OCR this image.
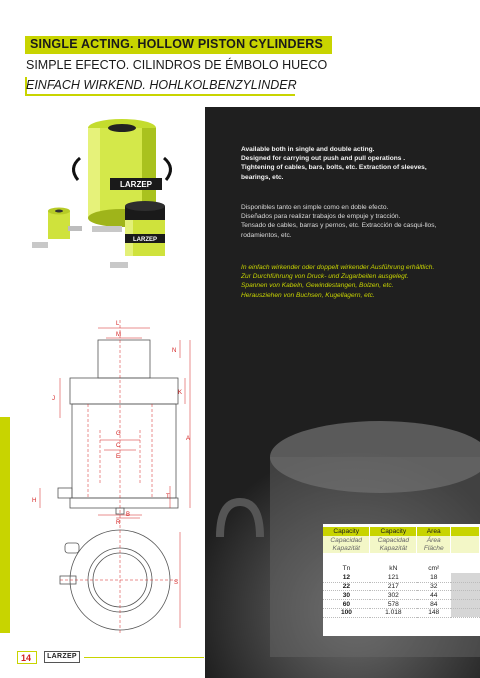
SINGLE ACTING. HOLLOW PISTON CYLINDERS
SIMPLE EFECTO. CILINDROS DE ÉMBOLO HUECO
EINFACH WIRKEND. HOHLKOLBENZYLINDER
LARZEP
LARZEP

Available both in single and double acting.

Designed for carrying out push and pull operations .

Tightening of cables, bars, bolts, etc. Extraction of sleeves, bearings, etc.

Disponibles tanto en simple como en doble efecto.

Diseñados para realizar trabajos de empuje y tracción.

Tensado de cables, barras y pernos, etc. Extracción de casqui-llos, rodamientos, etc.

In einfach wirkender oder doppelt wirkender Ausführung erhältlich.

Zur Durchführung von Druck- und Zugarbeiten ausgelegt.

Spannen von Kabeln, Gewindestangen, Bolzen, etc.

Herausziehen von Buchsen, Kugellagern, etc.

L
M
N
J
K
A
G
C
E
T
H
B
R
S
Capacity	Capacity	Area	
Capacidad	Capacidad	Área	
Kapazität	Kapazität	Fläche	

Tn	kN	cm²	
12	121	18	
22	217	32	
30	302	44	
60	578	84	
100	1.018	148	
14 LARZEP
